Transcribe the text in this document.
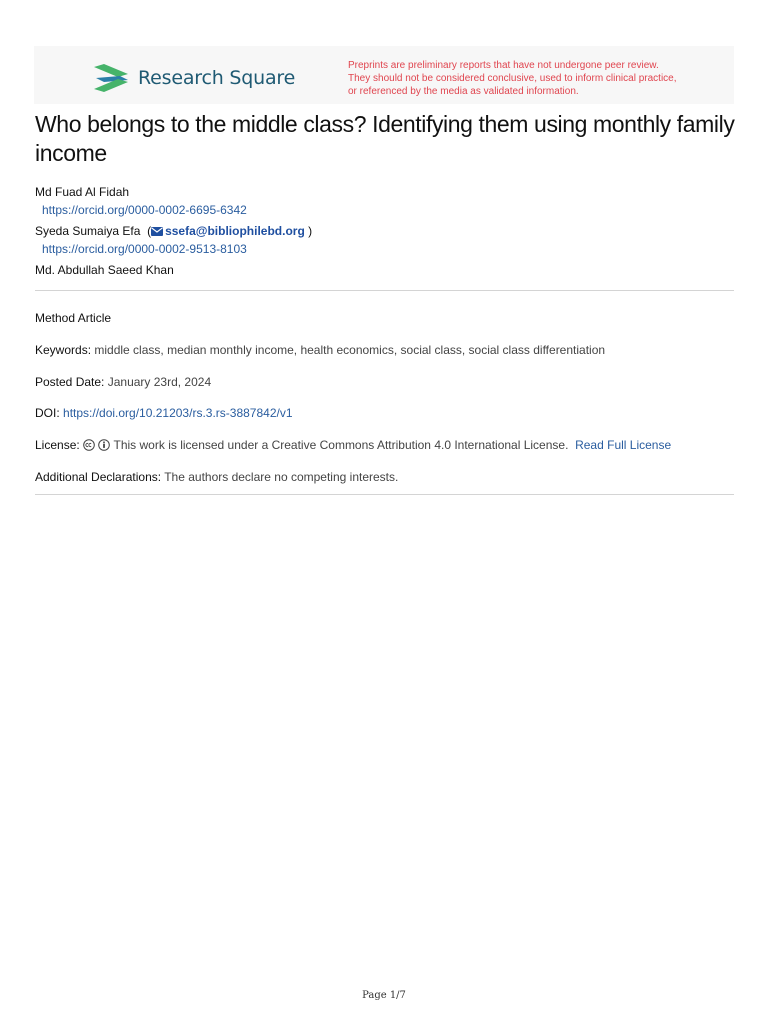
Research Square
Preprints are preliminary reports that have not undergone peer review.
They should not be considered conclusive, used to inform clinical practice,
or referenced by the media as validated information.
Who belongs to the middle class? Identifying them using monthly family income
Md Fuad Al Fidah
https://orcid.org/0000-0002-6695-6342
Syeda Sumaiya Efa  ( ssefa@bibliophilebd.org )
https://orcid.org/0000-0002-9513-8103
Md. Abdullah Saeed Khan
Method Article
Keywords: middle class, median monthly income, health economics, social class, social class differentiation
Posted Date: January 23rd, 2024
DOI: https://doi.org/10.21203/rs.3.rs-3887842/v1
License:	This work is licensed under a Creative Commons Attribution 4.0 International License. Read Full License
Additional Declarations: The authors declare no competing interests.
Page 1/7
